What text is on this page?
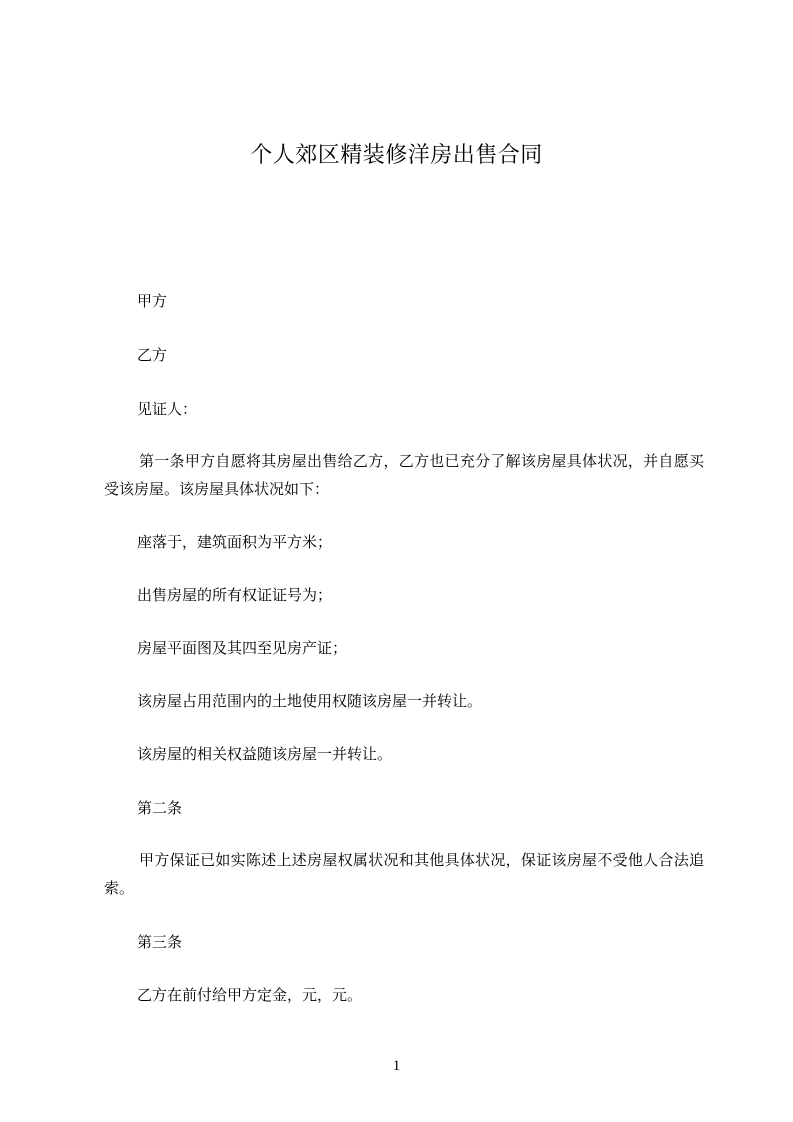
个人郊区精装修洋房出售合同
甲方
乙方
见证人：
第一条甲方自愿将其房屋出售给乙方，乙方也已充分了解该房屋具体状况，并自愿买受该房屋。该房屋具体状况如下：
座落于，建筑面积为平方米；
出售房屋的所有权证证号为；
房屋平面图及其四至见房产证；
该房屋占用范围内的土地使用权随该房屋一并转让。
该房屋的相关权益随该房屋一并转让。
第二条
甲方保证已如实陈述上述房屋权属状况和其他具体状况，保证该房屋不受他人合法追索。
第三条
乙方在前付给甲方定金，元，元。
1
